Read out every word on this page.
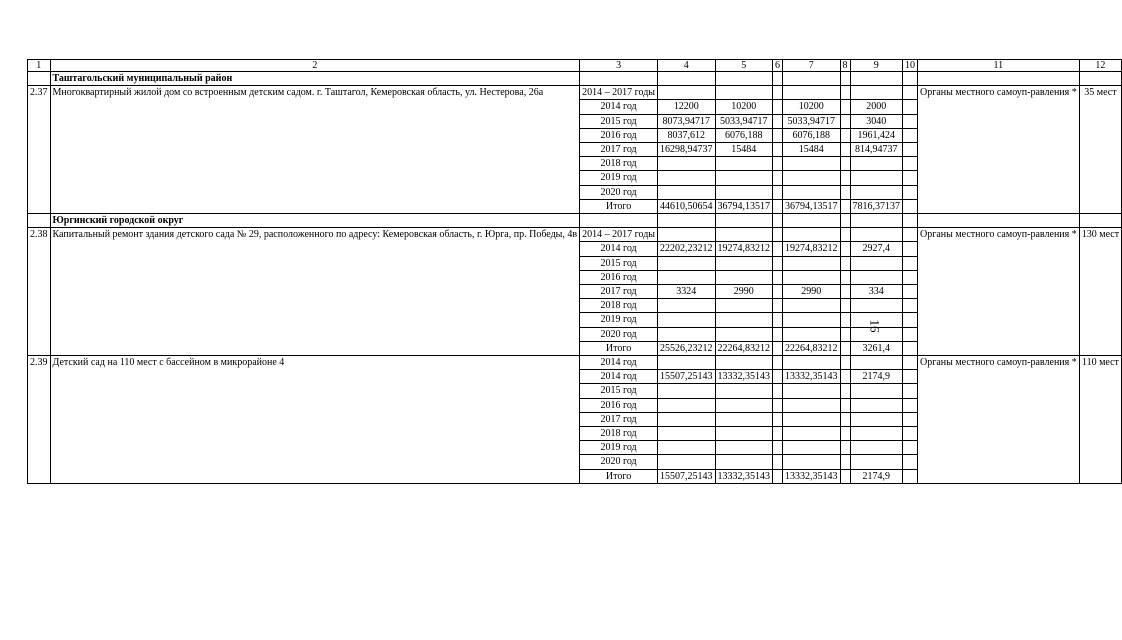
1	2	3	4	5	6	7	8	9	10	11	12
	Таштагольский муниципальный район										
2.37	Многоквартирный жилой дом со встроенным детским садом. г. Таштагол, Кемеровская область, ул. Нестерова, 26а	2014 – 2017 годы								Органы местного самоуп-равления *	35 мест
		2014 год	12200	10200		10200		2000			
		2015 год	8073,94717	5033,94717		5033,94717		3040			
		2016 год	8037,612	6076,188		6076,188		1961,424			
		2017 год	16298,94737	15484		15484		814,94737			
		2018 год									
		2019 год									
		2020 год									
		Итого	44610,50654	36794,13517		36794,13517		7816,37137			
	Юргинский городской округ										
2.38	Капитальный ремонт здания детского сада № 29, расположенного по адресу: Кемеровская область, г. Юрга, пр. Победы, 4в	2014 – 2017 годы								Органы местного самоуп-равления *	130 мест
		2014 год	22202,23212	19274,83212		19274,83212		2927,4			
		2015 год									
		2016 год									
		2017 год	3324	2990		2990		334			
		2018 год									
		2019 год									
		2020 год									
		Итого	25526,23212	22264,83212		22264,83212		3261,4			
2.39	Детский сад на 110 мест с бассейном в микрорайоне 4	2014 год								Органы местного самоуп-равления *	110 мест
		2014 год	15507,25143	13332,35143		13332,35143		2174,9			
		2015 год									
		2016 год									
		2017 год									
		2018 год									
		2019 год									
		2020 год									
		Итого	15507,25143	13332,35143		13332,35143		2174,9			
16
